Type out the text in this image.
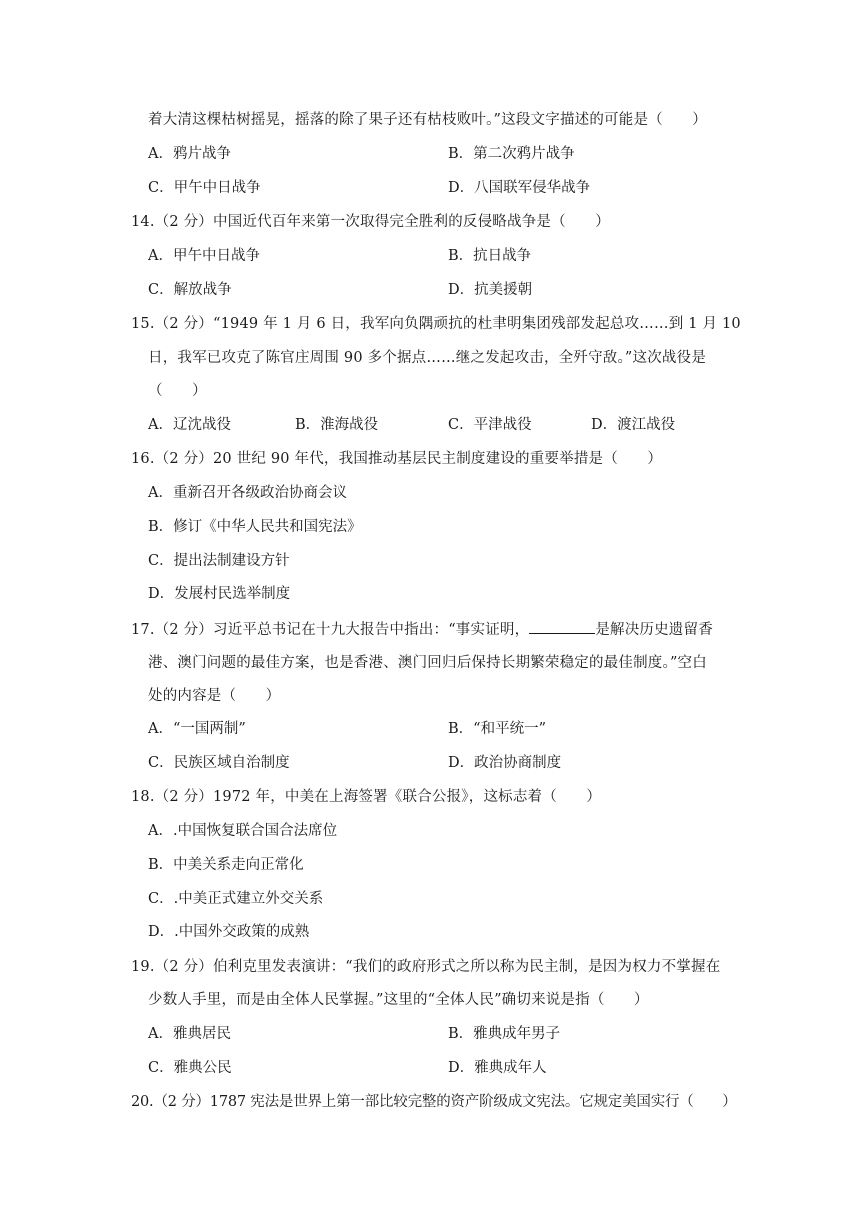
着大清这棵枯树摇晃，摇落的除了果子还有枯枝败叶。”这段文字描述的可能是（　　）
A．鸦片战争	B．第二次鸦片战争
C．甲午中日战争	D．八国联军侵华战争
14.（2 分）中国近代百年来第一次取得完全胜利的反侵略战争是（　　）
A．甲午中日战争	B．抗日战争
C．解放战争	D．抗美援朝
15.（2 分）“1949 年 1 月 6 日，我军向负隅顽抗的杜聿明集团残部发起总攻……到 1 月 10
日，我军已攻克了陈官庄周围 90 多个据点……继之发起攻击，全歼守敌。”这次战役是
（　　）
A．辽沈战役	B．淮海战役	C．平津战役	D．渡江战役
16.（2 分）20 世纪 90 年代，我国推动基层民主制度建设的重要举措是（　　）
A．重新召开各级政治协商会议
B．修订《中华人民共和国宪法》
C．提出法制建设方针
D．发展村民选举制度
17.（2 分）习近平总书记在十九大报告中指出：“事实证明，	是解决历史遗留香
港、澳门问题的最佳方案，也是香港、澳门回归后保持长期繁荣稳定的最佳制度。”空白
处的内容是（　　）
A．“一国两制”	B．“和平统一”
C．民族区域自治制度	D．政治协商制度
18.（2 分）1972 年，中美在上海签署《联合公报》，这标志着（　　）
A．.中国恢复联合国合法席位
B．中美关系走向正常化
C．.中美正式建立外交关系
D．.中国外交政策的成熟
19.（2 分）伯利克里发表演讲：“我们的政府形式之所以称为民主制，是因为权力不掌握在
少数人手里，而是由全体人民掌握。”这里的“全体人民”确切来说是指（　　）
A．雅典居民	B．雅典成年男子
C．雅典公民	D．雅典成年人
20.（2 分）1787 宪法是世界上第一部比较完整的资产阶级成文宪法。它规定美国实行（　　）
